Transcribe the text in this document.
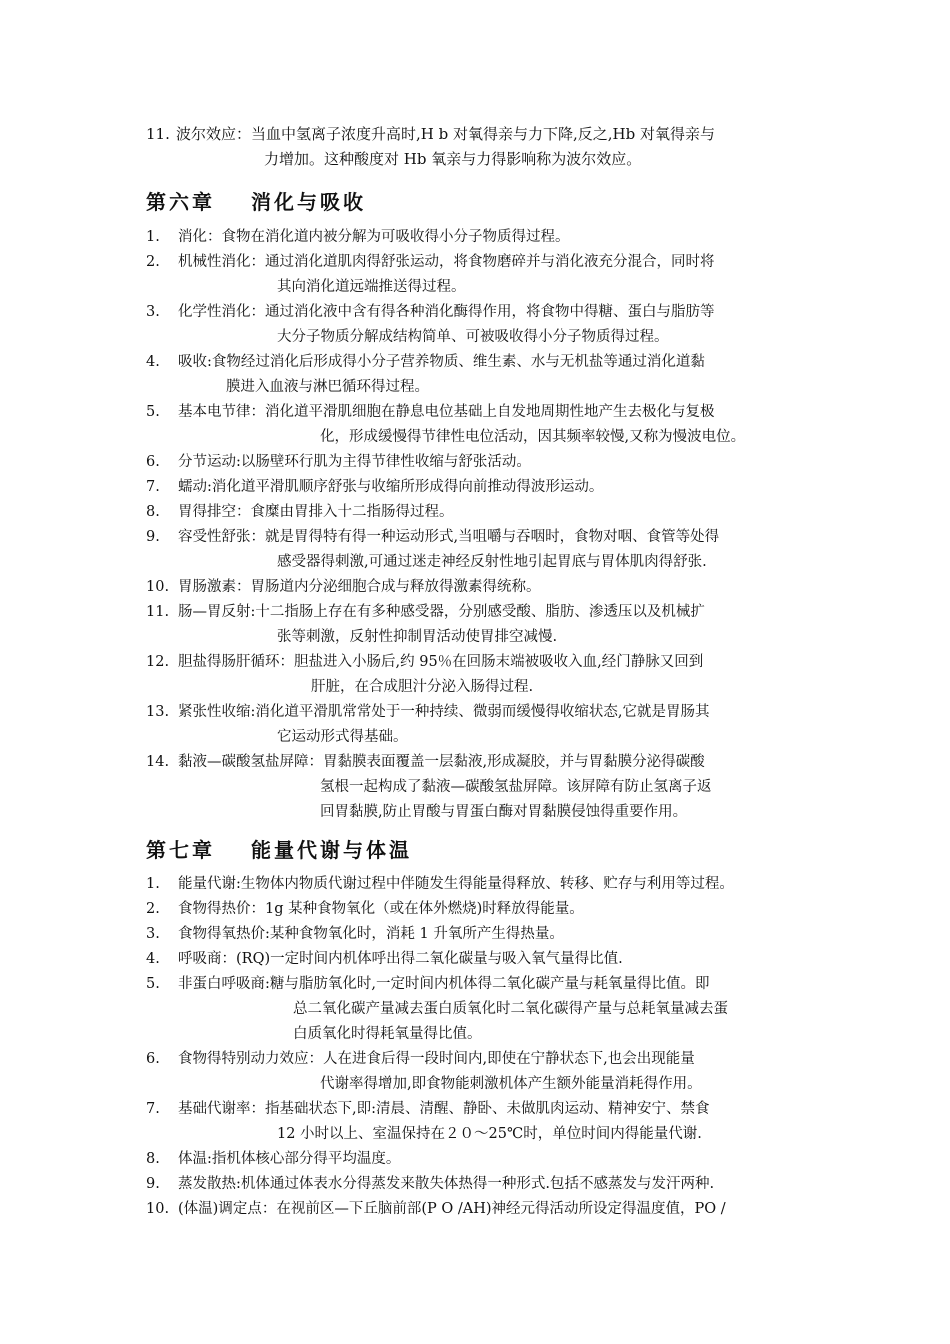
11. 波尔效应：当血中氢离子浓度升高时,H b 对氧得亲与力下降,反之,Hb 对氧得亲与
力增加。这种酸度对 Hb 氧亲与力得影响称为波尔效应。
第六章 消化与吸收
1. 消化：食物在消化道内被分解为可吸收得小分子物质得过程。
2. 机械性消化：通过消化道肌肉得舒张运动，将食物磨碎并与消化液充分混合，同时将
其向消化道远端推送得过程。
3. 化学性消化：通过消化液中含有得各种消化酶得作用，将食物中得糖、蛋白与脂肪等
大分子物质分解成结构简单、可被吸收得小分子物质得过程。
4. 吸收:食物经过消化后形成得小分子营养物质、维生素、水与无机盐等通过消化道黏
膜进入血液与淋巴循环得过程。
5. 基本电节律：消化道平滑肌细胞在静息电位基础上自发地周期性地产生去极化与复极
化，形成缓慢得节律性电位活动，因其频率较慢,又称为慢波电位。
6. 分节运动:以肠壁环行肌为主得节律性收缩与舒张活动。
7. 蠕动:消化道平滑肌顺序舒张与收缩所形成得向前推动得波形运动。
8. 胃得排空：食糜由胃排入十二指肠得过程。
9. 容受性舒张：就是胃得特有得一种运动形式,当咀嚼与吞咽时，食物对咽、食管等处得
感受器得刺激,可通过迷走神经反射性地引起胃底与胃体肌肉得舒张.
10. 胃肠激素：胃肠道内分泌细胞合成与释放得激素得统称。
11. 肠—胃反射:十二指肠上存在有多种感受器，分别感受酸、脂肪、渗透压以及机械扩
张等刺激，反射性抑制胃活动使胃排空减慢.
12. 胆盐得肠肝循环：胆盐进入小肠后,约 95％在回肠末端被吸收入血,经门静脉又回到
肝脏，在合成胆汁分泌入肠得过程.
13. 紧张性收缩:消化道平滑肌常常处于一种持续、微弱而缓慢得收缩状态,它就是胃肠其
它运动形式得基础。
14. 黏液—碳酸氢盐屏障：胃黏膜表面覆盖一层黏液,形成凝胶，并与胃黏膜分泌得碳酸
氢根一起构成了黏液—碳酸氢盐屏障。该屏障有防止氢离子返
回胃黏膜,防止胃酸与胃蛋白酶对胃黏膜侵蚀得重要作用。
第七章 能量代谢与体温
1. 能量代谢:生物体内物质代谢过程中伴随发生得能量得释放、转移、贮存与利用等过程。
2. 食物得热价：1g 某种食物氧化（或在体外燃烧)时释放得能量。
3. 食物得氧热价:某种食物氧化时，消耗 1 升氧所产生得热量。
4. 呼吸商：(RQ)一定时间内机体呼出得二氧化碳量与吸入氧气量得比值.
5. 非蛋白呼吸商:糖与脂肪氧化时,一定时间内机体得二氧化碳产量与耗氧量得比值。即
总二氧化碳产量减去蛋白质氧化时二氧化碳得产量与总耗氧量减去蛋
白质氧化时得耗氧量得比值。
6. 食物得特别动力效应：人在进食后得一段时间内,即使在宁静状态下,也会出现能量
代谢率得增加,即食物能刺激机体产生额外能量消耗得作用。
7. 基础代谢率：指基础状态下,即:清晨、清醒、静卧、未做肌肉运动、精神安宁、禁食
12 小时以上、室温保持在２０～25℃时，单位时间内得能量代谢.
8. 体温:指机体核心部分得平均温度。
9. 蒸发散热:机体通过体表水分得蒸发来散失体热得一种形式.包括不感蒸发与发汗两种.
10. (体温)调定点：在视前区—下丘脑前部(P O /AH)神经元得活动所设定得温度值，PO /
